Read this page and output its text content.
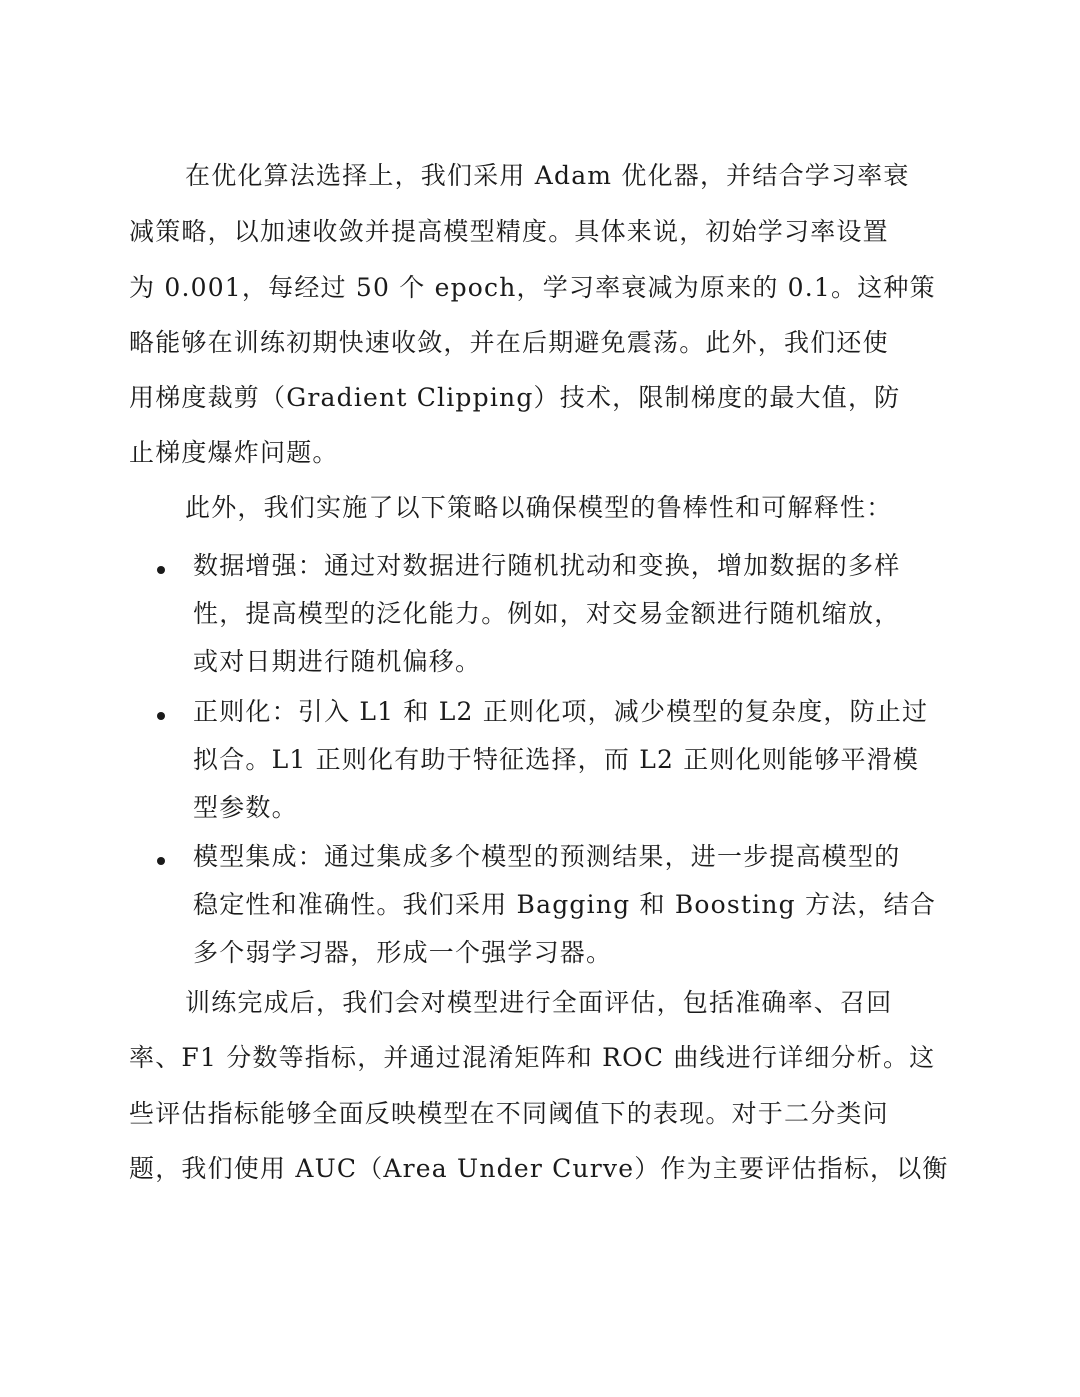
在优化算法选择上，我们采用 Adam 优化器，并结合学习率衰
减策略，以加速收敛并提高模型精度。具体来说，初始学习率设置
为 0.001，每经过 50 个 epoch，学习率衰减为原来的 0.1。这种策
略能够在训练初期快速收敛，并在后期避免震荡。此外，我们还使
用梯度裁剪（Gradient Clipping）技术，限制梯度的最大值，防
止梯度爆炸问题。
此外，我们实施了以下策略以确保模型的鲁棒性和可解释性：
数据增强：通过对数据进行随机扰动和变换，增加数据的多样
性，提高模型的泛化能力。例如，对交易金额进行随机缩放，
或对日期进行随机偏移。
正则化：引入 L1 和 L2 正则化项，减少模型的复杂度，防止过
拟合。L1 正则化有助于特征选择，而 L2 正则化则能够平滑模
型参数。
模型集成：通过集成多个模型的预测结果，进一步提高模型的
稳定性和准确性。我们采用 Bagging 和 Boosting 方法，结合
多个弱学习器，形成一个强学习器。
训练完成后，我们会对模型进行全面评估，包括准确率、召回
率、F1 分数等指标，并通过混淆矩阵和 ROC 曲线进行详细分析。这
些评估指标能够全面反映模型在不同阈值下的表现。对于二分类问
题，我们使用 AUC（Area Under Curve）作为主要评估指标，以衡
